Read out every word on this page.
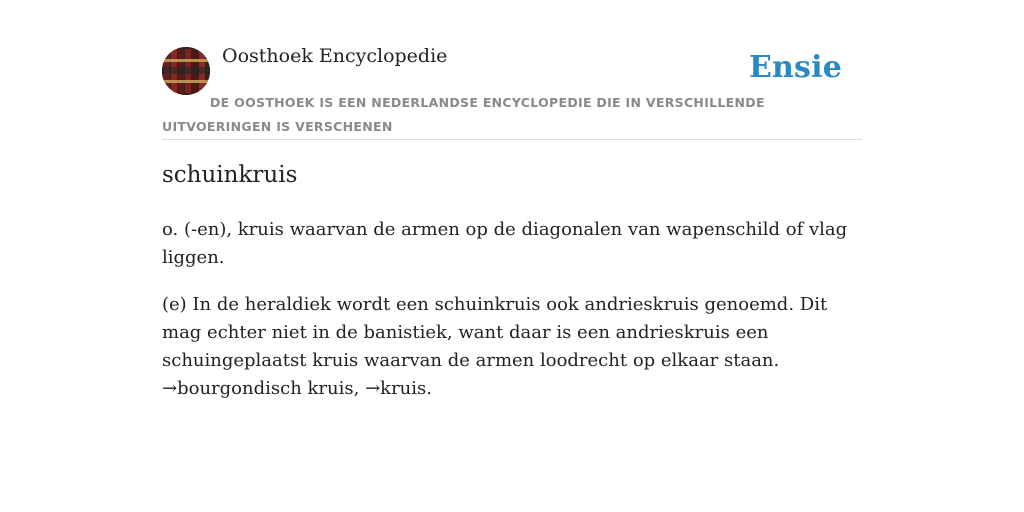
Oosthoek Encyclopedie	Ensie
DE OOSTHOEK IS EEN NEDERLANDSE ENCYCLOPEDIE DIE IN VERSCHILLENDE UITVOERINGEN IS VERSCHENEN
schuinkruis

o. (-en), kruis waarvan de armen op de diagonalen van wapenschild of vlag liggen.

(e) In de heraldiek wordt een schuinkruis ook andrieskruis genoemd. Dit mag echter niet in de banistiek, want daar is een andrieskruis een schuingeplaatst kruis waarvan de armen loodrecht op elkaar staan. →bourgondisch kruis, →kruis.
